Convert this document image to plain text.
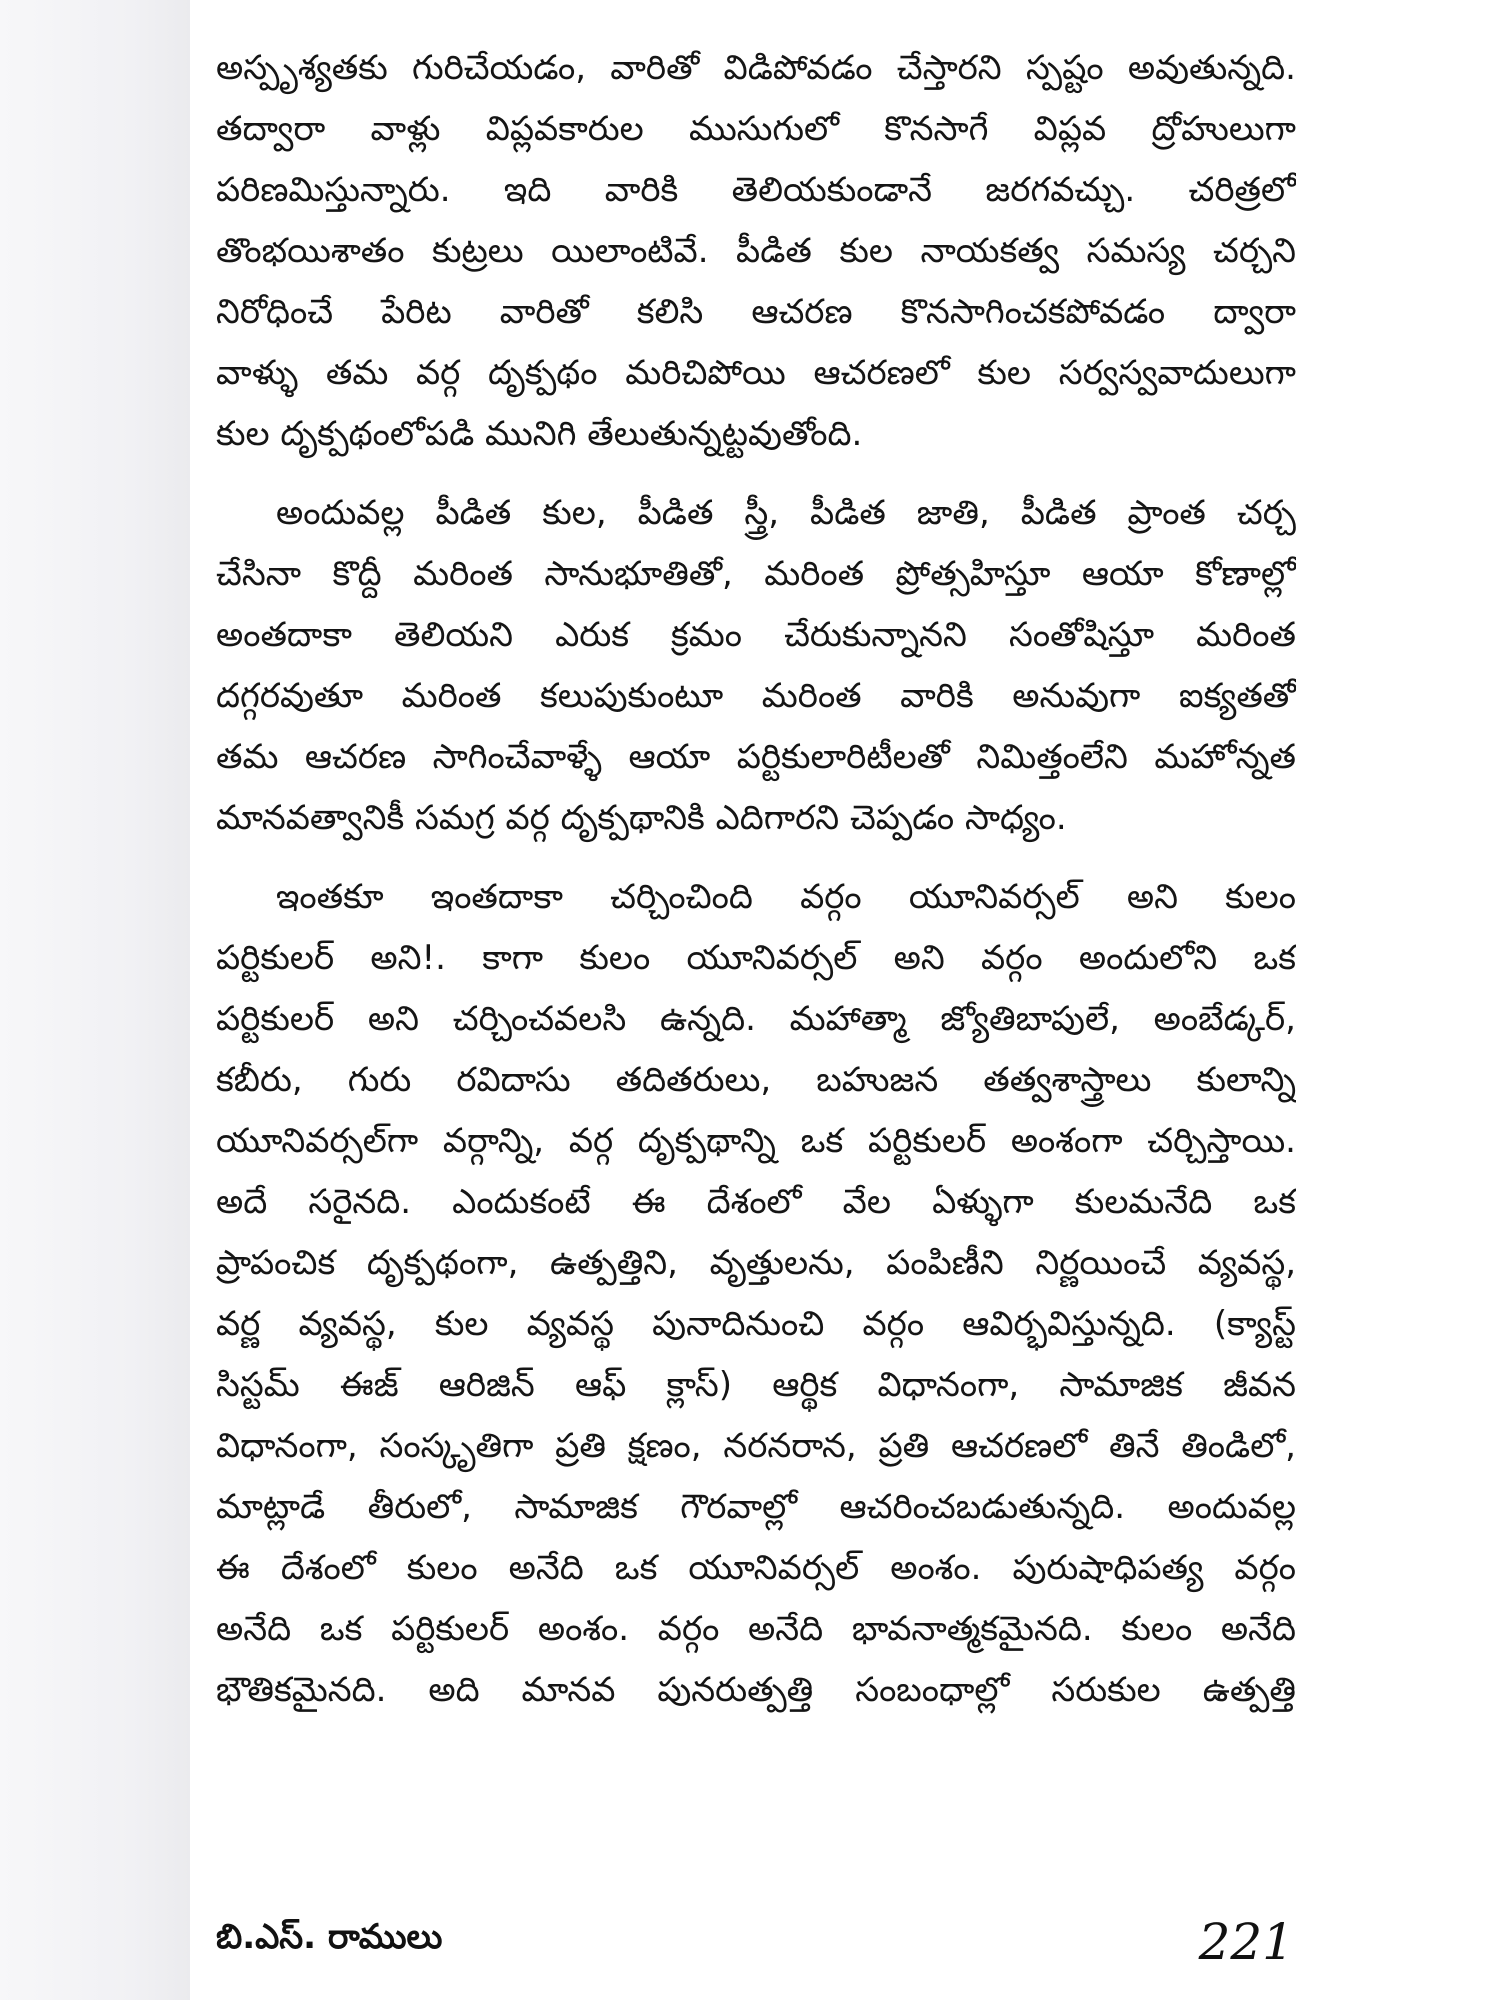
అస్పృశ్యతకు గురిచేయడం, వారితో విడిపోవడం చేస్తారని స్పష్టం అవుతున్నది.
తద్వారా వాళ్లు విప్లవకారుల ముసుగులో కొనసాగే విప్లవ ద్రోహులుగా
పరిణమిస్తున్నారు. ఇది వారికి తెలియకుండానే జరగవచ్చు. చరిత్రలో
తొంభయిశాతం కుట్రలు యిలాంటివే. పీడిత కుల నాయకత్వ సమస్య చర్చని
నిరోధించే పేరిట వారితో కలిసి ఆచరణ కొనసాగించకపోవడం ద్వారా
వాళ్ళు తమ వర్గ దృక్పథం మరిచిపోయి ఆచరణలో కుల సర్వస్వవాదులుగా
కుల దృక్పథంలోపడి మునిగి తేలుతున్నట్టవుతోంది.
అందువల్ల పీడిత కుల, పీడిత స్త్రీ, పీడిత జాతి, పీడిత ప్రాంత చర్చ
చేసినా కొద్దీ మరింత సానుభూతితో, మరింత ప్రోత్సహిస్తూ ఆయా కోణాల్లో
అంతదాకా తెలియని ఎరుక క్రమం చేరుకున్నానని సంతోషిస్తూ మరింత
దగ్గరవుతూ మరింత కలుపుకుంటూ మరింత వారికి అనువుగా ఐక్యతతో
తమ ఆచరణ సాగించేవాళ్ళే ఆయా పర్టికులారిటీలతో నిమిత్తంలేని మహోన్నత
మానవత్వానికీ సమగ్ర వర్గ దృక్పథానికి ఎదిగారని చెప్పడం సాధ్యం.
ఇంతకూ ఇంతదాకా చర్చించింది వర్గం యూనివర్సల్ అని కులం
పర్టికులర్ అని!. కాగా కులం యూనివర్సల్ అని వర్గం అందులోని ఒక
పర్టికులర్ అని చర్చించవలసి ఉన్నది. మహాత్మా జ్యోతిబాపులే, అంబేడ్కర్,
కబీరు, గురు రవిదాసు తదితరులు, బహుజన తత్వశాస్త్రాలు కులాన్ని
యూనివర్సల్‌గా వర్గాన్ని, వర్గ దృక్పథాన్ని ఒక పర్టికులర్ అంశంగా చర్చిస్తాయి.
అదే సరైనది. ఎందుకంటే ఈ దేశంలో వేల ఏళ్ళుగా కులమనేది ఒక
ప్రాపంచిక దృక్పథంగా, ఉత్పత్తిని, వృత్తులను, పంపిణీని నిర్ణయించే వ్యవస్థ,
వర్ణ వ్యవస్థ, కుల వ్యవస్థ పునాదినుంచి వర్గం ఆవిర్భవిస్తున్నది. (క్యాస్ట్
సిస్టమ్ ఈజ్ ఆరిజిన్ ఆఫ్ క్లాస్) ఆర్థిక విధానంగా, సామాజిక జీవన
విధానంగా, సంస్కృతిగా ప్రతి క్షణం, నరనరాన, ప్రతి ఆచరణలో తినే తిండిలో,
మాట్లాడే తీరులో, సామాజిక గౌరవాల్లో ఆచరించబడుతున్నది. అందువల్ల
ఈ దేశంలో కులం అనేది ఒక యూనివర్సల్ అంశం. పురుషాధిపత్య వర్గం
అనేది ఒక పర్టికులర్ అంశం. వర్గం అనేది భావనాత్మకమైనది. కులం అనేది
భౌతికమైనది. అది మానవ పునరుత్పత్తి సంబంధాల్లో సరుకుల ఉత్పత్తి
బి.ఎస్. రాములు	221
